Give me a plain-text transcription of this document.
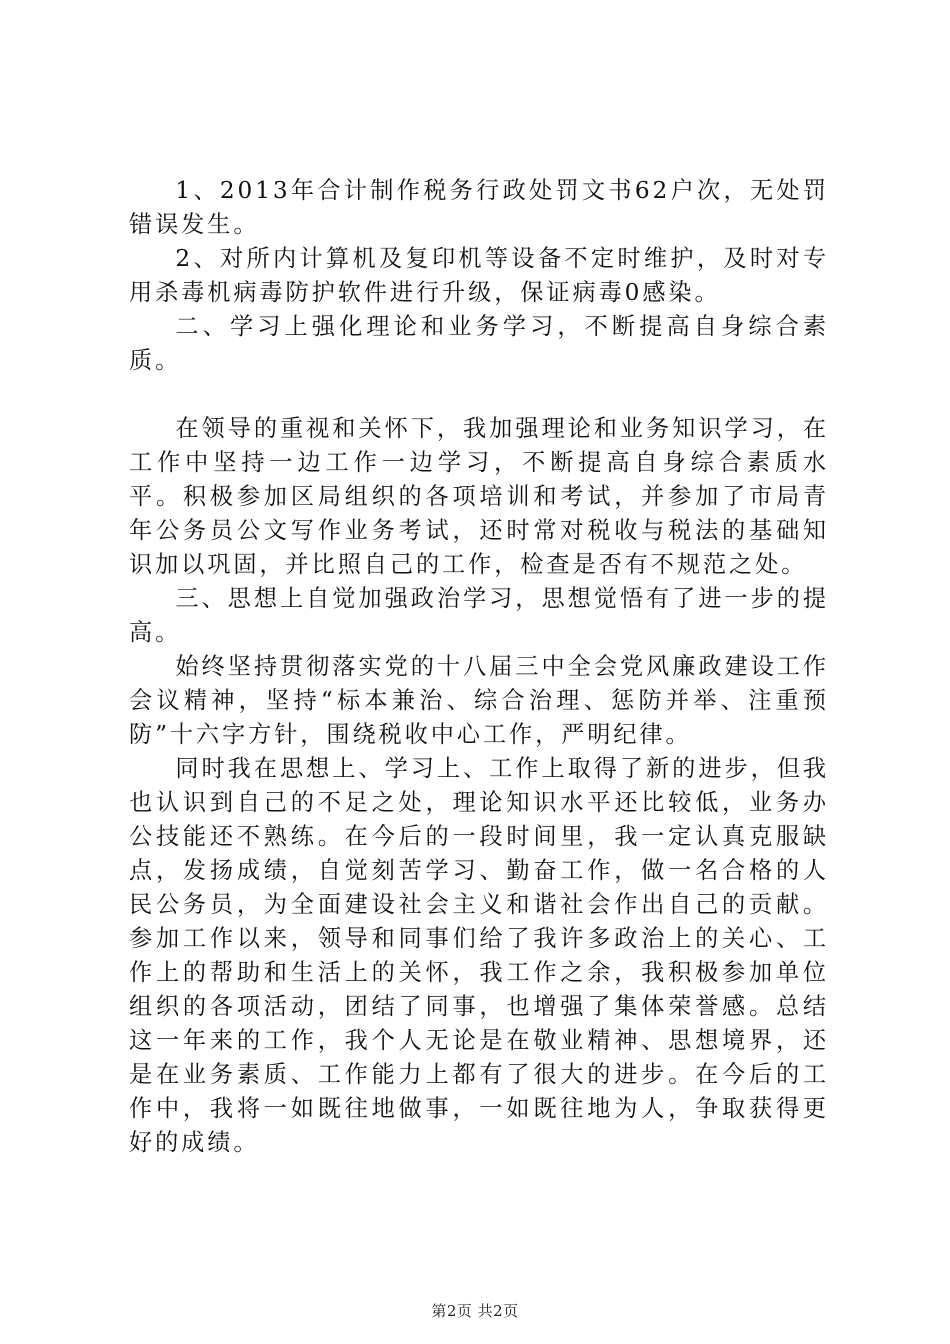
1、2013年合计制作税务行政处罚文书62户次，无处罚错误发生。

2、对所内计算机及复印机等设备不定时维护，及时对专用杀毒机病毒防护软件进行升级，保证病毒0感染。

二、学习上强化理论和业务学习，不断提高自身综合素质。

在领导的重视和关怀下，我加强理论和业务知识学习，在工作中坚持一边工作一边学习，不断提高自身综合素质水平。积极参加区局组织的各项培训和考试，并参加了市局青年公务员公文写作业务考试，还时常对税收与税法的基础知识加以巩固，并比照自己的工作，检查是否有不规范之处。

三、思想上自觉加强政治学习，思想觉悟有了进一步的提高。

始终坚持贯彻落实党的十八届三中全会党风廉政建设工作会议精神，坚持“标本兼治、综合治理、惩防并举、注重预防”十六字方针，围绕税收中心工作，严明纪律。

同时我在思想上、学习上、工作上取得了新的进步，但我也认识到自己的不足之处，理论知识水平还比较低，业务办公技能还不熟练。在今后的一段时间里，我一定认真克服缺点，发扬成绩，自觉刻苦学习、勤奋工作，做一名合格的人民公务员，为全面建设社会主义和谐社会作出自己的贡献。参加工作以来，领导和同事们给了我许多政治上的关心、工作上的帮助和生活上的关怀，我工作之余，我积极参加单位组织的各项活动，团结了同事，也增强了集体荣誉感。总结这一年来的工作，我个人无论是在敬业精神、思想境界，还是在业务素质、工作能力上都有了很大的进步。在今后的工作中，我将一如既往地做事，一如既往地为人，争取获得更好的成绩。

第2页 共2页
